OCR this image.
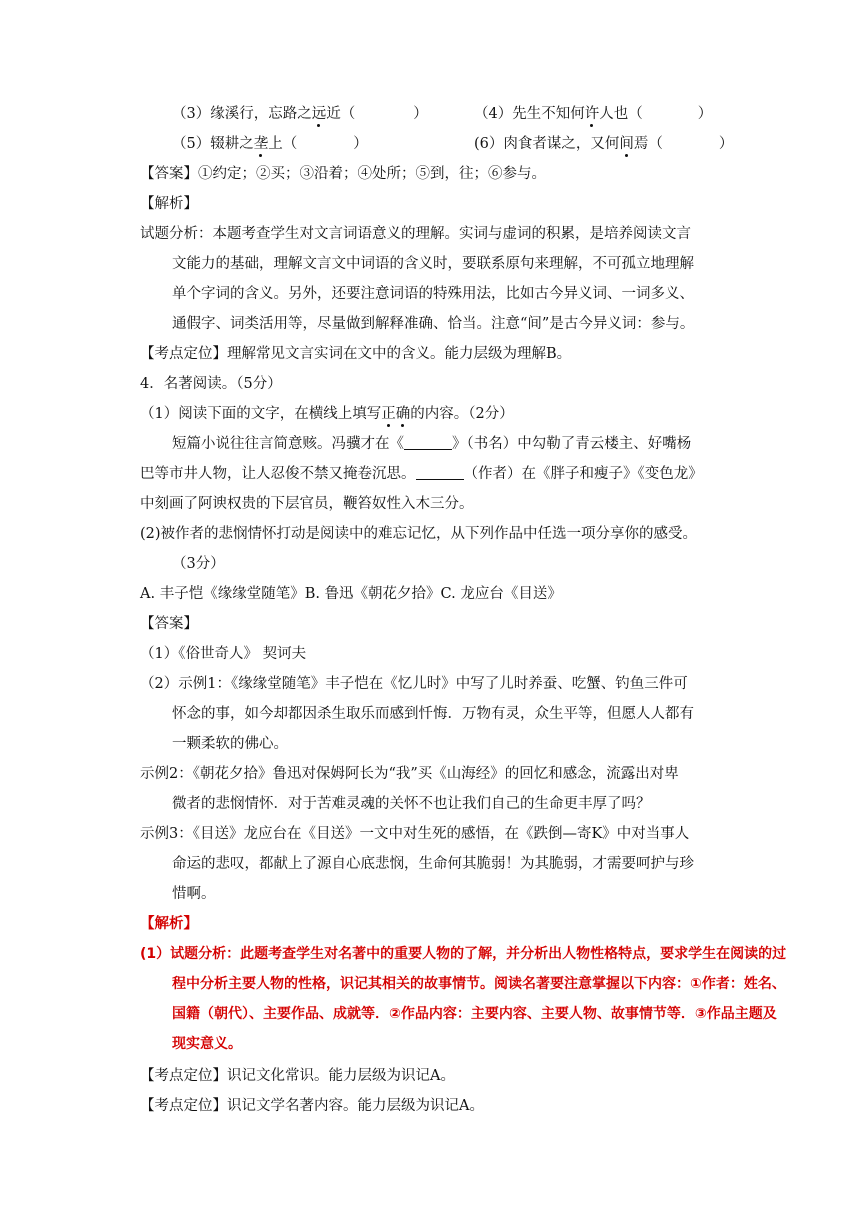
（3）缘溪行，忘路之远近（	）	（4）先生不知何许人也（	）
（5）辍耕之垄上（	）	(6）肉食者谋之，又何间焉（	）
【答案】①约定；②买；③沿着；④处所；⑤到，往；⑥参与。
【解析】
试题分析：本题考查学生对文言词语意义的理解。实词与虚词的积累，是培养阅读文言
文能力的基础，理解文言文中词语的含义时，要联系原句来理解，不可孤立地理解
单个字词的含义。另外，还要注意词语的特殊用法，比如古今异义词、一词多义、
通假字、词类活用等，尽量做到解释准确、恰当。注意“间”是古今异义词：参与。
【考点定位】理解常见文言实词在文中的含义。能力层级为理解B。
4．名著阅读。（5分）
（1）阅读下面的文字，在横线上填写正确的内容。（2分）
短篇小说往往言简意赅。冯骥才在《	》（书名）中勾勒了青云楼主、好嘴杨
巴等市井人物，让人忍俊不禁又掩卷沉思。	（作者）在《胖子和瘦子》《变色龙》
中刻画了阿谀权贵的下层官员，鞭笞奴性入木三分。
(2)被作者的悲悯情怀打动是阅读中的难忘记忆，从下列作品中任选一项分享你的感受。
（3分）
A. 丰子恺《缘缘堂随笔》B. 鲁迅《朝花夕拾》C. 龙应台《目送》
【答案】
（1）《俗世奇人》 契诃夫
（2）示例1：《缘缘堂随笔》丰子恺在《忆儿时》中写了儿时养蚕、吃蟹、钓鱼三件可
怀念的事，如今却都因杀生取乐而感到忏悔．万物有灵，众生平等，但愿人人都有
一颗柔软的佛心。
示例2：《朝花夕拾》鲁迅对保姆阿长为“我”买《山海经》的回忆和感念，流露出对卑
微者的悲悯情怀．对于苦难灵魂的关怀不也让我们自己的生命更丰厚了吗？
示例3：《目送》龙应台在《目送》一文中对生死的感悟，在《跌倒—寄K》中对当事人
命运的悲叹，都献上了源自心底悲悯，生命何其脆弱！为其脆弱，才需要呵护与珍
惜啊。
【解析】
(1）试题分析：此题考查学生对名著中的重要人物的了解，并分析出人物性格特点，要求学生在阅读的过
程中分析主要人物的性格，识记其相关的故事情节。阅读名著要注意掌握以下内容：①作者：姓名、
国籍（朝代）、主要作品、成就等．②作品内容：主要内容、主要人物、故事情节等．③作品主题及
现实意义。
【考点定位】识记文化常识。能力层级为识记A。
【考点定位】识记文学名著内容。能力层级为识记A。
